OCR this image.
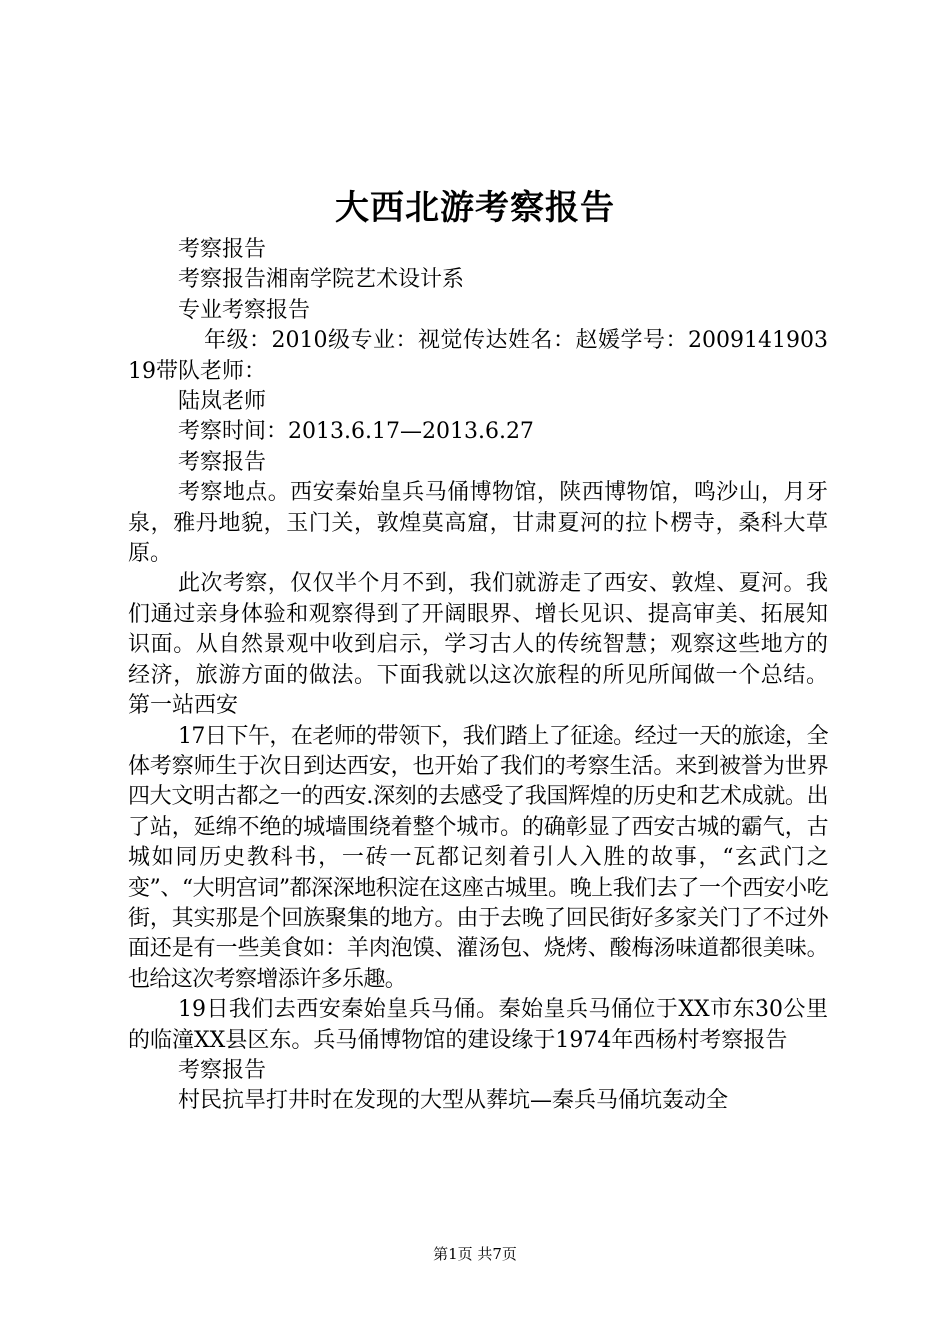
大西北游考察报告

考察报告

考察报告湘南学院艺术设计系

专业考察报告

年级：2010级专业：视觉传达姓名：赵媛学号：200914190319带队老师：

陆岚老师

考察时间：2013.6.17—2013.6.27

考察报告

考察地点。西安秦始皇兵马俑博物馆，陕西博物馆，鸣沙山，月牙泉，雅丹地貌，玉门关，敦煌莫高窟，甘肃夏河的拉卜楞寺，桑科大草原。

此次考察，仅仅半个月不到，我们就游走了西安、敦煌、夏河。我们通过亲身体验和观察得到了开阔眼界、增长见识、提高审美、拓展知识面。从自然景观中收到启示，学习古人的传统智慧；观察这些地方的经济，旅游方面的做法。下面我就以这次旅程的所见所闻做一个总结。第一站西安

17日下午，在老师的带领下，我们踏上了征途。经过一天的旅途，全体考察师生于次日到达西安，也开始了我们的考察生活。来到被誉为世界四大文明古都之一的西安.深刻的去感受了我国辉煌的历史和艺术成就。出了站，延绵不绝的城墙围绕着整个城市。的确彰显了西安古城的霸气，古城如同历史教科书，一砖一瓦都记刻着引人入胜的故事，“玄武门之变”、“大明宫词”都深深地积淀在这座古城里。晚上我们去了一个西安小吃街，其实那是个回族聚集的地方。由于去晚了回民街好多家关门了不过外面还是有一些美食如：羊肉泡馍、灌汤包、烧烤、酸梅汤味道都很美味。也给这次考察增添许多乐趣。

19日我们去西安秦始皇兵马俑。秦始皇兵马俑位于XX市东30公里的临潼XX县区东。兵马俑博物馆的建设缘于1974年西杨村考察报告

考察报告

村民抗旱打井时在发现的大型从葬坑—秦兵马俑坑轰动全

第1页 共7页
